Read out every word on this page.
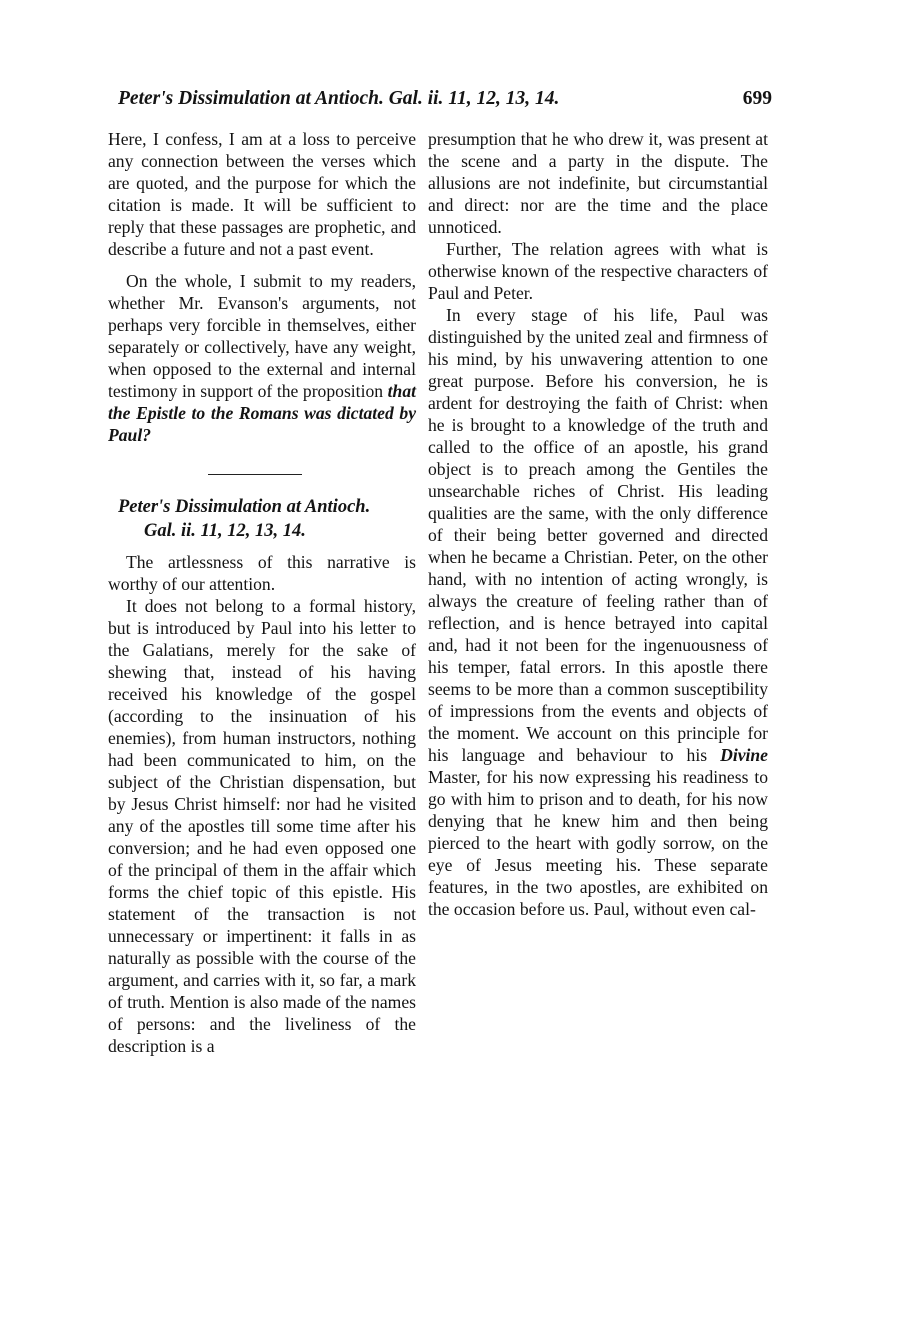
Peter's Dissimulation at Antioch. Gal. ii. 11, 12, 13, 14.	699

Here, I confess, I am at a loss to perceive any connection between the verses which are quoted, and the purpose for which the citation is made. It will be sufficient to reply that these passages are prophetic, and describe a future and not a past event.

On the whole, I submit to my readers, whether Mr. Evanson's arguments, not perhaps very forcible in themselves, either separately or collectively, have any weight, when opposed to the external and internal testimony in support of the proposition that the Epistle to the Romans was dictated by Paul?

Peter's Dissimulation at Antioch.
Gal. ii. 11, 12, 13, 14.

The artlessness of this narrative is worthy of our attention.

It does not belong to a formal history, but is introduced by Paul into his letter to the Galatians, merely for the sake of shewing that, instead of his having received his knowledge of the gospel (according to the insinuation of his enemies), from human instructors, nothing had been communicated to him, on the subject of the Christian dispensation, but by Jesus Christ himself: nor had he visited any of the apostles till some time after his conversion; and he had even opposed one of the principal of them in the affair which forms the chief topic of this epistle. His statement of the transaction is not unnecessary or impertinent: it falls in as naturally as possible with the course of the argument, and carries with it, so far, a mark of truth. Mention is also made of the names of persons: and the liveliness of the description is a

presumption that he who drew it, was present at the scene and a party in the dispute. The allusions are not indefinite, but circumstantial and direct: nor are the time and the place unnoticed.

Further, The relation agrees with what is otherwise known of the respective characters of Paul and Peter.

In every stage of his life, Paul was distinguished by the united zeal and firmness of his mind, by his unwavering attention to one great purpose. Before his conversion, he is ardent for destroying the faith of Christ: when he is brought to a knowledge of the truth and called to the office of an apostle, his grand object is to preach among the Gentiles the unsearchable riches of Christ. His leading qualities are the same, with the only difference of their being better governed and directed when he became a Christian. Peter, on the other hand, with no intention of acting wrongly, is always the creature of feeling rather than of reflection, and is hence betrayed into capital and, had it not been for the ingenuousness of his temper, fatal errors. In this apostle there seems to be more than a common susceptibility of impressions from the events and objects of the moment. We account on this principle for his language and behaviour to his Divine Master, for his now expressing his readiness to go with him to prison and to death, for his now denying that he knew him and then being pierced to the heart with godly sorrow, on the eye of Jesus meeting his. These separate features, in the two apostles, are exhibited on the occasion before us. Paul, without even cal-
